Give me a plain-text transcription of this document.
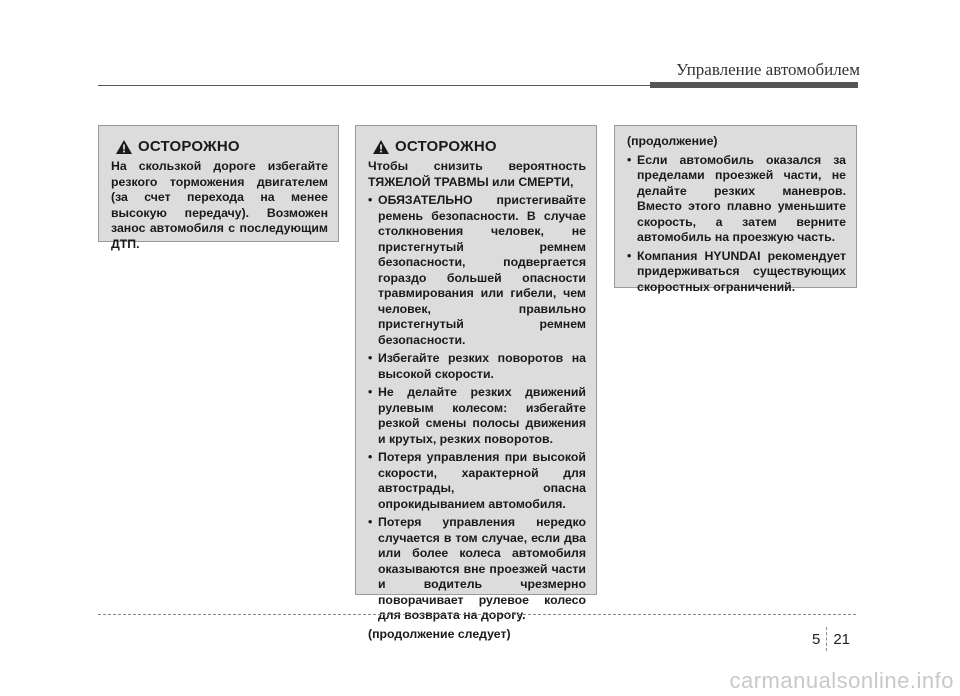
Управление автомобилем
ОСТОРОЖНО
На скользкой дороге избегайте резкого торможения двигателем (за счет перехода на менее высокую передачу). Возможен занос автомобиля с последующим ДТП.
ОСТОРОЖНО
Чтобы снизить вероятность ТЯЖЕЛОЙ ТРАВМЫ или СМЕРТИ,
• ОБЯЗАТЕЛЬНО пристегивайте ремень безопасности. В случае столкновения человек, не пристегнутый ремнем безопасности, подвергается гораздо большей опасности травмирования или гибели, чем человек, правильно пристегнутый ремнем безопасности.
• Избегайте резких поворотов на высокой скорости.
• Не делайте резких движений рулевым колесом: избегайте резкой смены полосы движения и крутых, резких поворотов.
• Потеря управления при высокой скорости, характерной для автострады, опасна опрокидыванием автомобиля.
• Потеря управления нередко случается в том случае, если два или более колеса автомобиля оказываются вне проезжей части и водитель чрезмерно поворачивает рулевое колесо для возврата на дорогу.
(продолжение следует)
(продолжение)
• Если автомобиль оказался за пределами проезжей части, не делайте резких маневров. Вместо этого плавно уменьшите скорость, а затем верните автомобиль на проезжую часть.
• Компания HYUNDAI рекомендует придерживаться существующих скоростных ограничений.
5 21
carmanualsonline.info
